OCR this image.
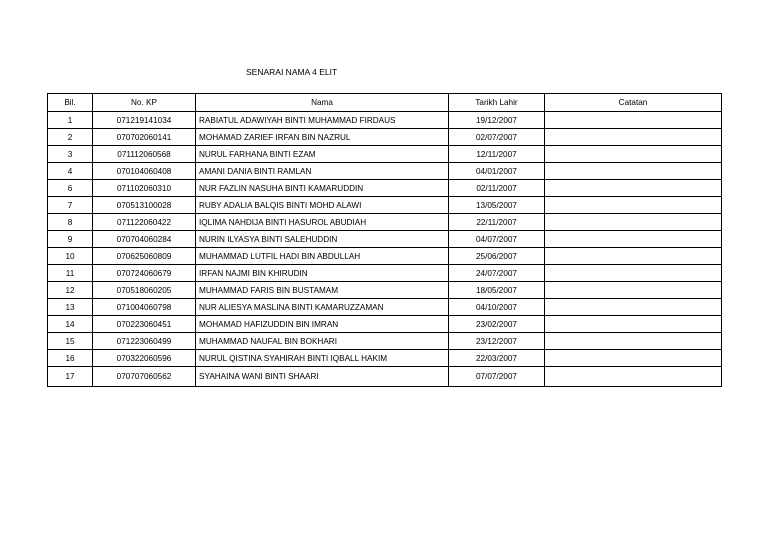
SENARAI NAMA 4 ELIT
Bil.	No. KP	Nama	Tarikh Lahir	Catatan
1	071219141034	RABIATUL ADAWIYAH BINTI MUHAMMAD FIRDAUS	19/12/2007	
2	070702060141	MOHAMAD ZARIEF IRFAN BIN NAZRUL	02/07/2007	
3	071112060568	NURUL FARHANA BINTI EZAM	12/11/2007	
4	070104060408	AMANI DANIA BINTI RAMLAN	04/01/2007	
6	071102060310	NUR FAZLIN NASUHA BINTI KAMARUDDIN	02/11/2007	
7	070513100028	RUBY ADALIA BALQIS BINTI MOHD ALAWI	13/05/2007	
8	071122060422	IQLIMA NAHDIJA BINTI HASUROL ABUDIAH	22/11/2007	
9	070704060284	NURIN ILYASYA BINTI SALEHUDDIN	04/07/2007	
10	070625060809	MUHAMMAD LUTFIL HADI BIN ABDULLAH	25/06/2007	
11	070724060679	IRFAN NAJMI BIN KHIRUDIN	24/07/2007	
12	070518060205	MUHAMMAD FARIS BIN BUSTAMAM	18/05/2007	
13	071004060798	NUR ALIESYA MASLINA BINTI KAMARUZZAMAN	04/10/2007	
14	070223060451	MOHAMAD HAFIZUDDIN BIN IMRAN	23/02/2007	
15	071223060499	MUHAMMAD NAUFAL BIN BOKHARI	23/12/2007	
16	070322060596	NURUL QISTINA SYAHIRAH BINTI IQBALL HAKIM	22/03/2007	
17	070707060562	SYAHAINA WANI BINTI SHAARI	07/07/2007	
